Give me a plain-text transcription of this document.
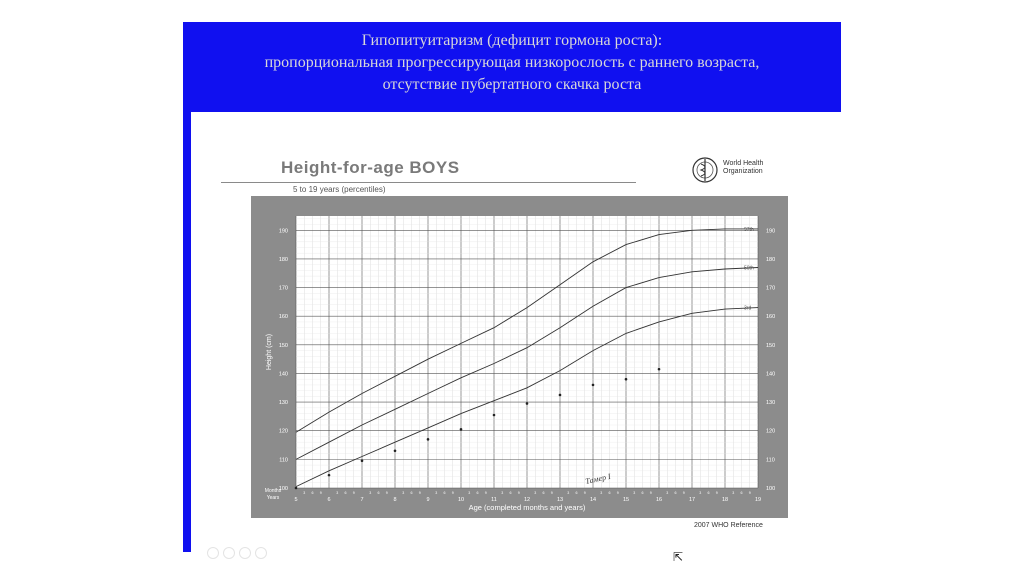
Гипопитуитаризм (дефицит гормона роста):
пропорциональная прогрессирующая низкорослость с раннего возраста,
отсутствие пубертатного скачка роста
Height-for-age BOYS
5 to 19 years (percentiles)
World Health
Organization
100
110
120
130
140
150
160
170
180
190
100
110
120
130
140
150
160
170
180
190
5	6	7	8	9	10	11	12	13	14	15	16	17	18	19
97th
50th
3rd
Height (cm)
Age (completed months and years)
Months
Years
3 6 9	3 6 9	3 6 9	3 6 9	3 6 9	3 6 9	3 6 9	3 6 9	3 6 9	3 6 9	3 6 9	3 6 9	3 6 9	3 6 9
Тамер I
2007 WHO Reference
⇱
